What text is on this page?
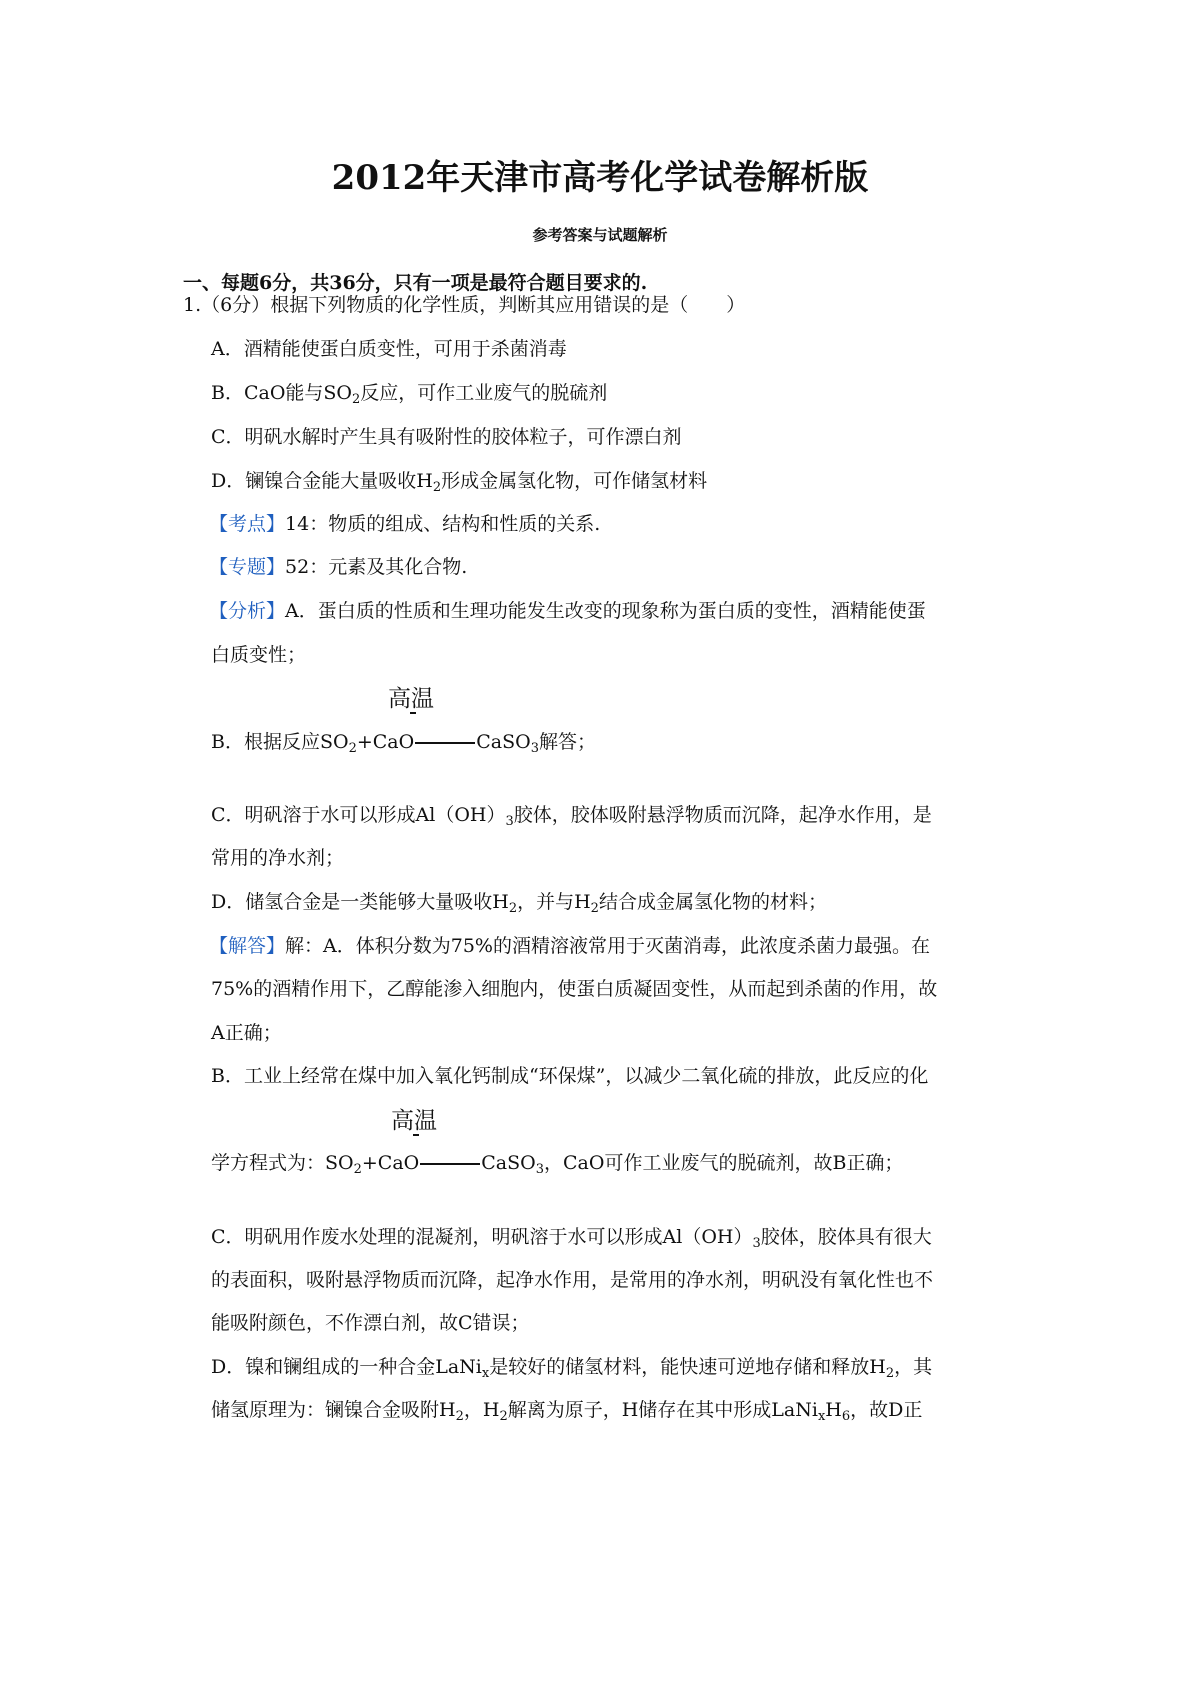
2012年天津市高考化学试卷解析版
参考答案与试题解析
一、每题6分，共36分，只有一项是最符合题目要求的.
1.（6分）根据下列物质的化学性质，判断其应用错误的是（　　）
A．酒精能使蛋白质变性，可用于杀菌消毒
B．CaO能与$SO_2$反应，可作工业废气的脱硫剂
C．明矾水解时产生具有吸附性的胶体粒子，可作漂白剂
D．镧镍合金能大量吸收$H_2$形成金属氢化物，可作储氢材料
【考点】14：物质的组成、结构和性质的关系.
【专题】52：元素及其化合物.
【分析】A．蛋白质的性质和生理功能发生改变的现象称为蛋白质的变性，酒精能使蛋
白质变性；
高温
B．根据反应$SO_2+CaO$	CaSO$_3$解答；
C．明矾溶于水可以形成$Al(OH)_3$胶体，胶体吸附悬浮物质而沉降，起净水作用，是
常用的净水剂；
D．储氢合金是一类能够大量吸收$H_2$，并与$H_2$结合成金属氢化物的材料；
【解答】解：A．体积分数为75%的酒精溶液常用于灭菌消毒，此浓度杀菌力最强。在
75%的酒精作用下，乙醇能渗入细胞内，使蛋白质凝固变性，从而起到杀菌的作用，故
A正确；
B．工业上经常在煤中加入氧化钙制成“环保煤”，以减少二氧化硫的排放，此反应的化
高温
学方程式为：$SO_2+CaO$	CaSO$_3$，CaO可作工业废气的脱硫剂，故B正确；
C．明矾用作废水处理的混凝剂，明矾溶于水可以形成$Al(OH)_3$胶体，胶体具有很大
的表面积，吸附悬浮物质而沉降，起净水作用，是常用的净水剂，明矾没有氧化性也不
能吸附颜色，不作漂白剂，故C错误；
D．镍和镧组成的一种合金LaNi$_x$是较好的储氢材料，能快速可逆地存储和释放$H_2$，其
储氢原理为：镧镍合金吸附$H_2$，$H_2$解离为原子，H储存在其中形成$LaNi_xH_6$，故D正
